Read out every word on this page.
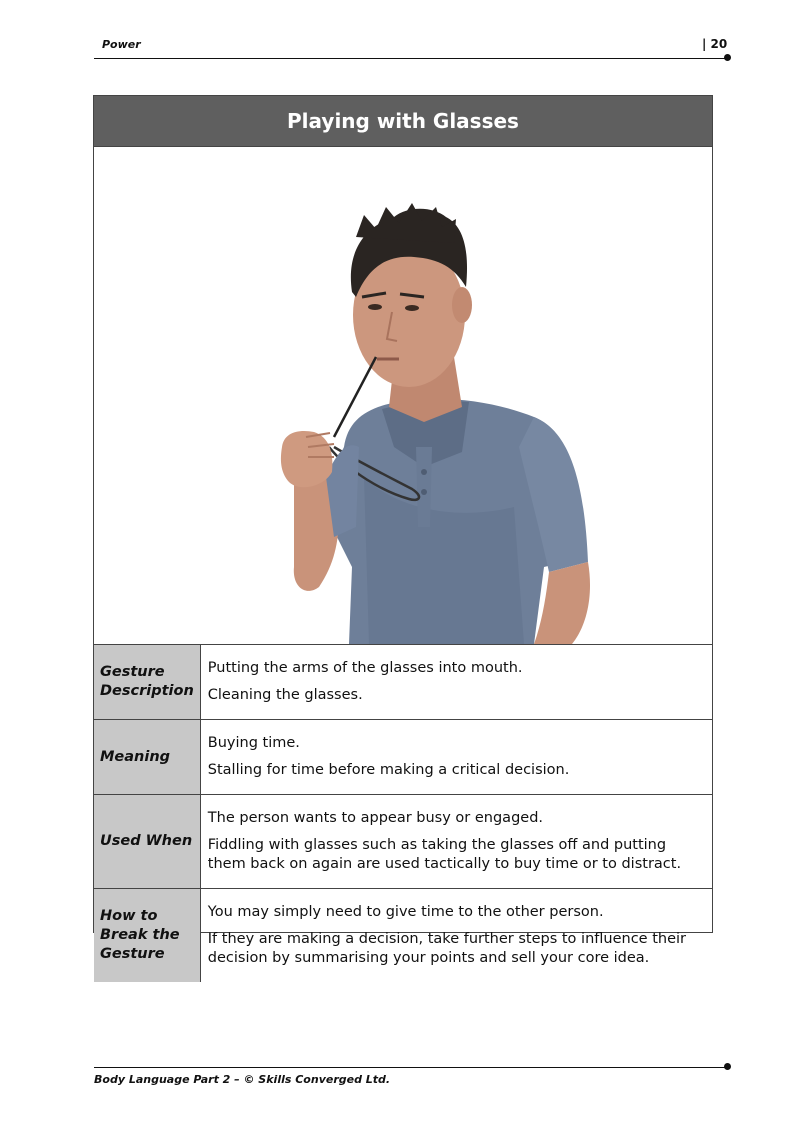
Power	| 20
Playing with Glasses
Gesture Description	Putting the arms of the glasses into mouth.

Cleaning the glasses.

Meaning	Buying time.

Stalling for time before making a critical decision.

Used When	The person wants to appear busy or engaged.

Fiddling with glasses such as taking the glasses off and putting them back on again are used tactically to buy time or to distract.

How to Break the Gesture	You may simply need to give time to the other person.

If they are making a decision, take further steps to influence their decision by summarising your points and sell your core idea.

Body Language Part 2 – © Skills Converged Ltd.
